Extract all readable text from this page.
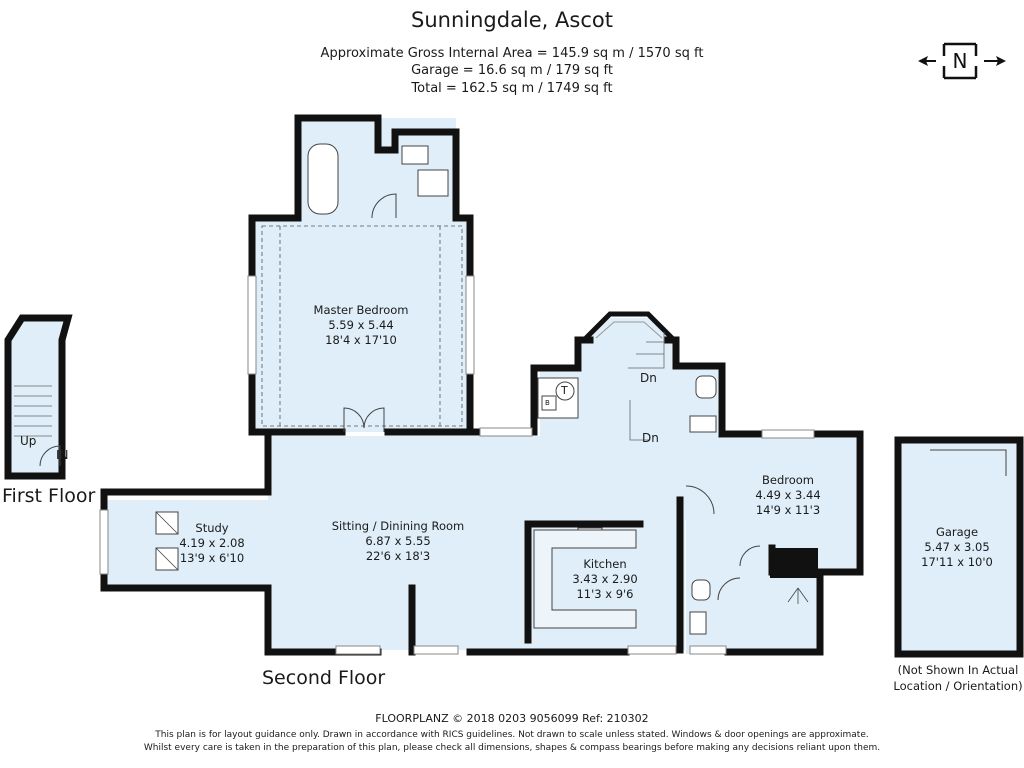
Sunningdale, Ascot
Approximate Gross Internal Area = 145.9 sq m / 1570 sq ft
Garage = 16.6 sq m / 179 sq ft
Total = 162.5 sq m / 1749 sq ft
N
Master Bedroom
5.59 x 5.44
18'4 x 17'10
Sitting / Dinining Room
6.87 x 5.55
22'6 x 18'3
Study
4.19 x 2.08
13'9 x 6'10	Kitchen
3.43 x 2.90
11'3 x 9'6
Bedroom
4.49 x 3.44
14'9 x 11'3
Garage
5.47 x 3.05
17'11 x 10'0
Up
IN
Dn
Dn
T
B
First Floor
Second Floor	(Not Shown In Actual
Location / Orientation)
FLOORPLANZ © 2018 0203 9056099 Ref: 210302
This plan is for layout guidance only. Drawn in accordance with RICS guidelines. Not drawn to scale unless stated. Windows & door openings are approximate.
Whilst every care is taken in the preparation of this plan, please check all dimensions, shapes & compass bearings before making any decisions reliant upon them.
